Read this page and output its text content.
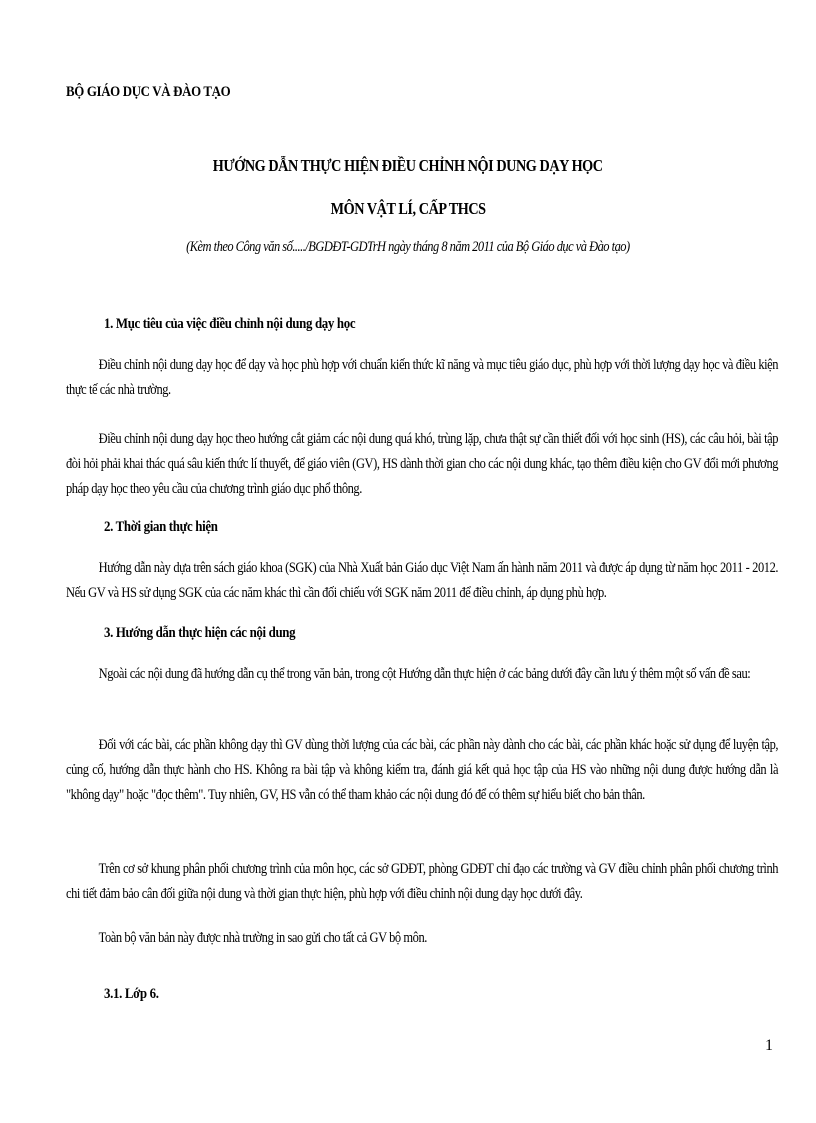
BỘ GIÁO DỤC VÀ ĐÀO TẠO
HƯỚNG DẪN THỰC HIỆN ĐIỀU CHỈNH NỘI DUNG DẠY HỌC
MÔN VẬT LÍ, CẤP THCS
(Kèm theo Công văn số...../BGDĐT-GDTrH ngày tháng 8 năm 2011 của Bộ Giáo dục và Đào tạo)
1. Mục tiêu của việc điều chỉnh nội dung dạy học
Điều chỉnh nội dung dạy học để dạy và học phù hợp với chuẩn kiến thức kĩ năng và mục tiêu giáo dục, phù hợp với thời lượng dạy học và điều kiện thực tế các nhà trường.
Điều chỉnh nội dung dạy học theo hướng cắt giảm các nội dung quá khó, trùng lặp, chưa thật sự cần thiết đối với học sinh (HS), các câu hỏi, bài tập đòi hỏi phải khai thác quá sâu kiến thức lí thuyết, để giáo viên (GV), HS dành thời gian cho các nội dung khác, tạo thêm điều kiện cho GV đổi mới phương pháp dạy học theo yêu cầu của chương trình giáo dục phổ thông.
2. Thời gian thực hiện
Hướng dẫn này dựa trên sách giáo khoa (SGK) của Nhà Xuất bản Giáo dục Việt Nam ấn hành năm 2011 và được áp dụng từ năm học 2011 - 2012. Nếu GV và HS sử dụng SGK của các năm khác thì cần đối chiếu với SGK năm 2011 để điều chỉnh, áp dụng phù hợp.
3. Hướng dẫn thực hiện các nội dung
Ngoài các nội dung đã hướng dẫn cụ thể trong văn bản, trong cột Hướng dẫn thực hiện ở các bảng dưới đây cần lưu ý thêm một số vấn đề sau:
Đối với các bài, các phần không dạy thì GV dùng thời lượng của các bài, các phần này dành cho các bài, các phần khác hoặc sử dụng để luyện tập, củng cố, hướng dẫn thực hành cho HS. Không ra bài tập và không kiểm tra, đánh giá kết quả học tập của HS vào những nội dung được hướng dẫn là "không dạy" hoặc "đọc thêm". Tuy nhiên, GV, HS vẫn có thể tham khảo các nội dung đó để có thêm sự hiểu biết cho bản thân.
Trên cơ sở khung phân phối chương trình của môn học, các sở GDĐT, phòng GDĐT chỉ đạo các trường và GV điều chỉnh phân phối chương trình chi tiết đảm bảo cân đối giữa nội dung và thời gian thực hiện, phù hợp với điều chỉnh nội dung dạy học dưới đây.
Toàn bộ văn bản này được nhà trường in sao gửi cho tất cả GV bộ môn.
3.1. Lớp 6.
1
